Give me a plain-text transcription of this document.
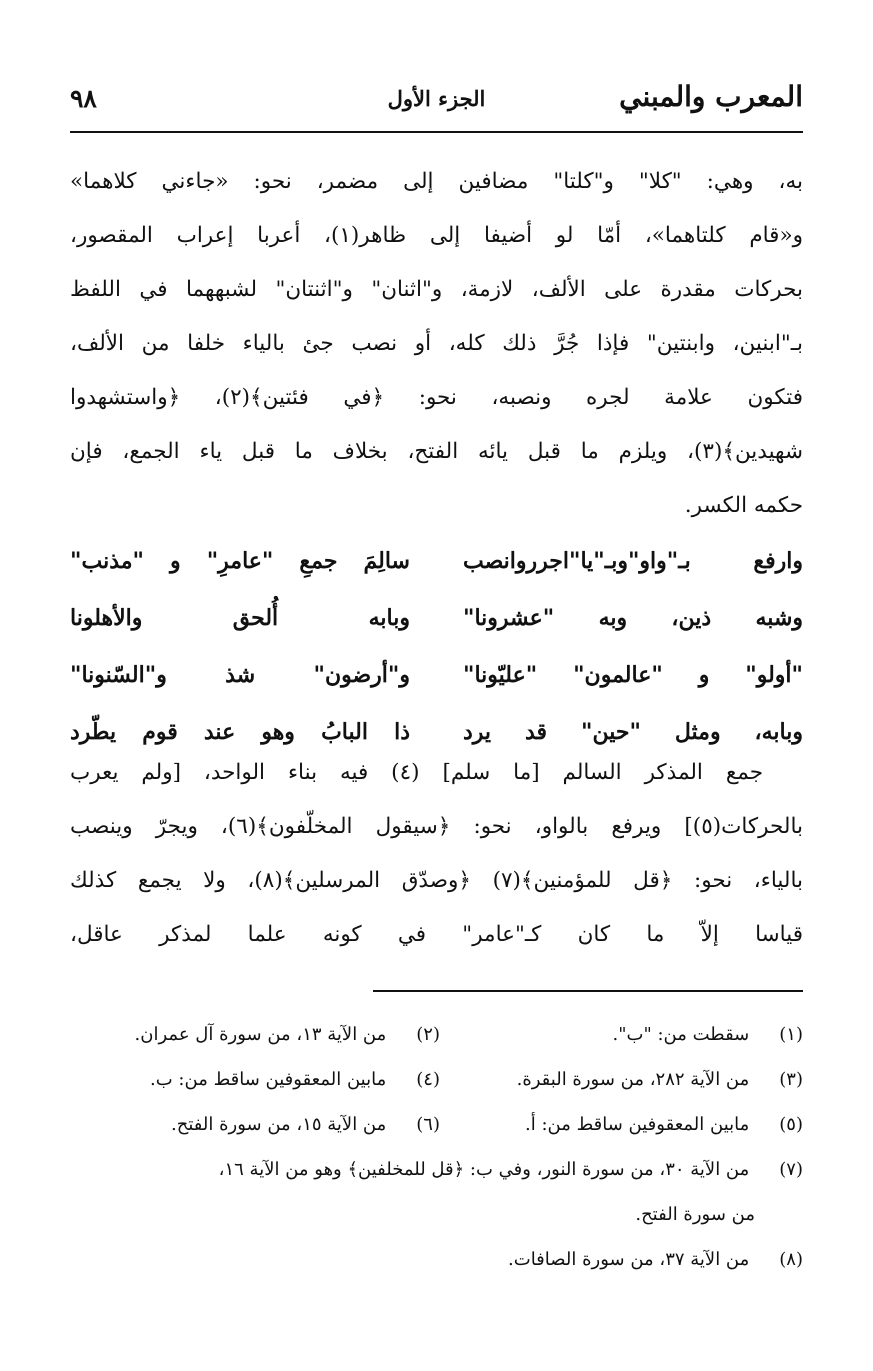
المعرب والمبني
الجزء الأول
٩٨
به، وهي: "كلا" و"كلتا" مضافين إلى مضمر، نحو: «جاءني كلاهما»
و«قام كلتاهما»، أمّا لو أضيفا إلى ظاهر(١)، أعربا إعراب المقصور،
بحركات مقدرة على الألف، لازمة، و"اثنان" و"اثنتان" لشبههما في اللفظ
بـ"ابنين، وابنتين" فإذا جُرَّ ذلك كله، أو نصب جئ بالياء خلفا من الألف،
فتكون علامة لجره ونصبه، نحو: ﴿في فئتين﴾(٢)، ﴿واستشهدوا
شهيدين﴾(٣)، ويلزم ما قبل يائه الفتح، بخلاف ما قبل ياء الجمع، فإن
حكمه الكسر.
وارفع بـ"واو"وبـ"يا"اجرروانصب
سالِمَ جمعِ "عامرِ" و "مذنب"
وشبه ذين، وبه "عشرونا"
وبابه أُلحق والأهلونا
"أولو" و "عالمون" "عليّونا"
و"أرضون" شذ و"السّنونا"
وبابه، ومثل "حين" قد يرد
ذا البابُ وهو عند قوم يطّرد
جمع المذكر السالم [ما سلم] (٤) فيه بناء الواحد، [ولم يعرب
بالحركات(٥)] ويرفع بالواو، نحو: ﴿سيقول المخلّفون﴾(٦)، ويجرّ وينصب
بالياء، نحو: ﴿قل للمؤمنين﴾(٧) ﴿وصدّق المرسلين﴾(٨)، ولا يجمع كذلك
قياسا إلاّ ما كان كـ"عامر" في كونه علما لمذكر عاقل،
(١) سقطت من: "ب".
(٢) من الآية ١٣، من سورة آل عمران.
(٣) من الآية ٢٨٢، من سورة البقرة.
(٤) مابين المعقوفين ساقط من: ب.
(٥) مابين المعقوفين ساقط من: أ.
(٦) من الآية ١٥، من سورة الفتح.
(٧) من الآية ٣٠، من سورة النور، وفي ب: ﴿قل للمخلفين﴾ وهو من الآية ١٦،
من سورة الفتح.
(٨) من الآية ٣٧، من سورة الصافات.
